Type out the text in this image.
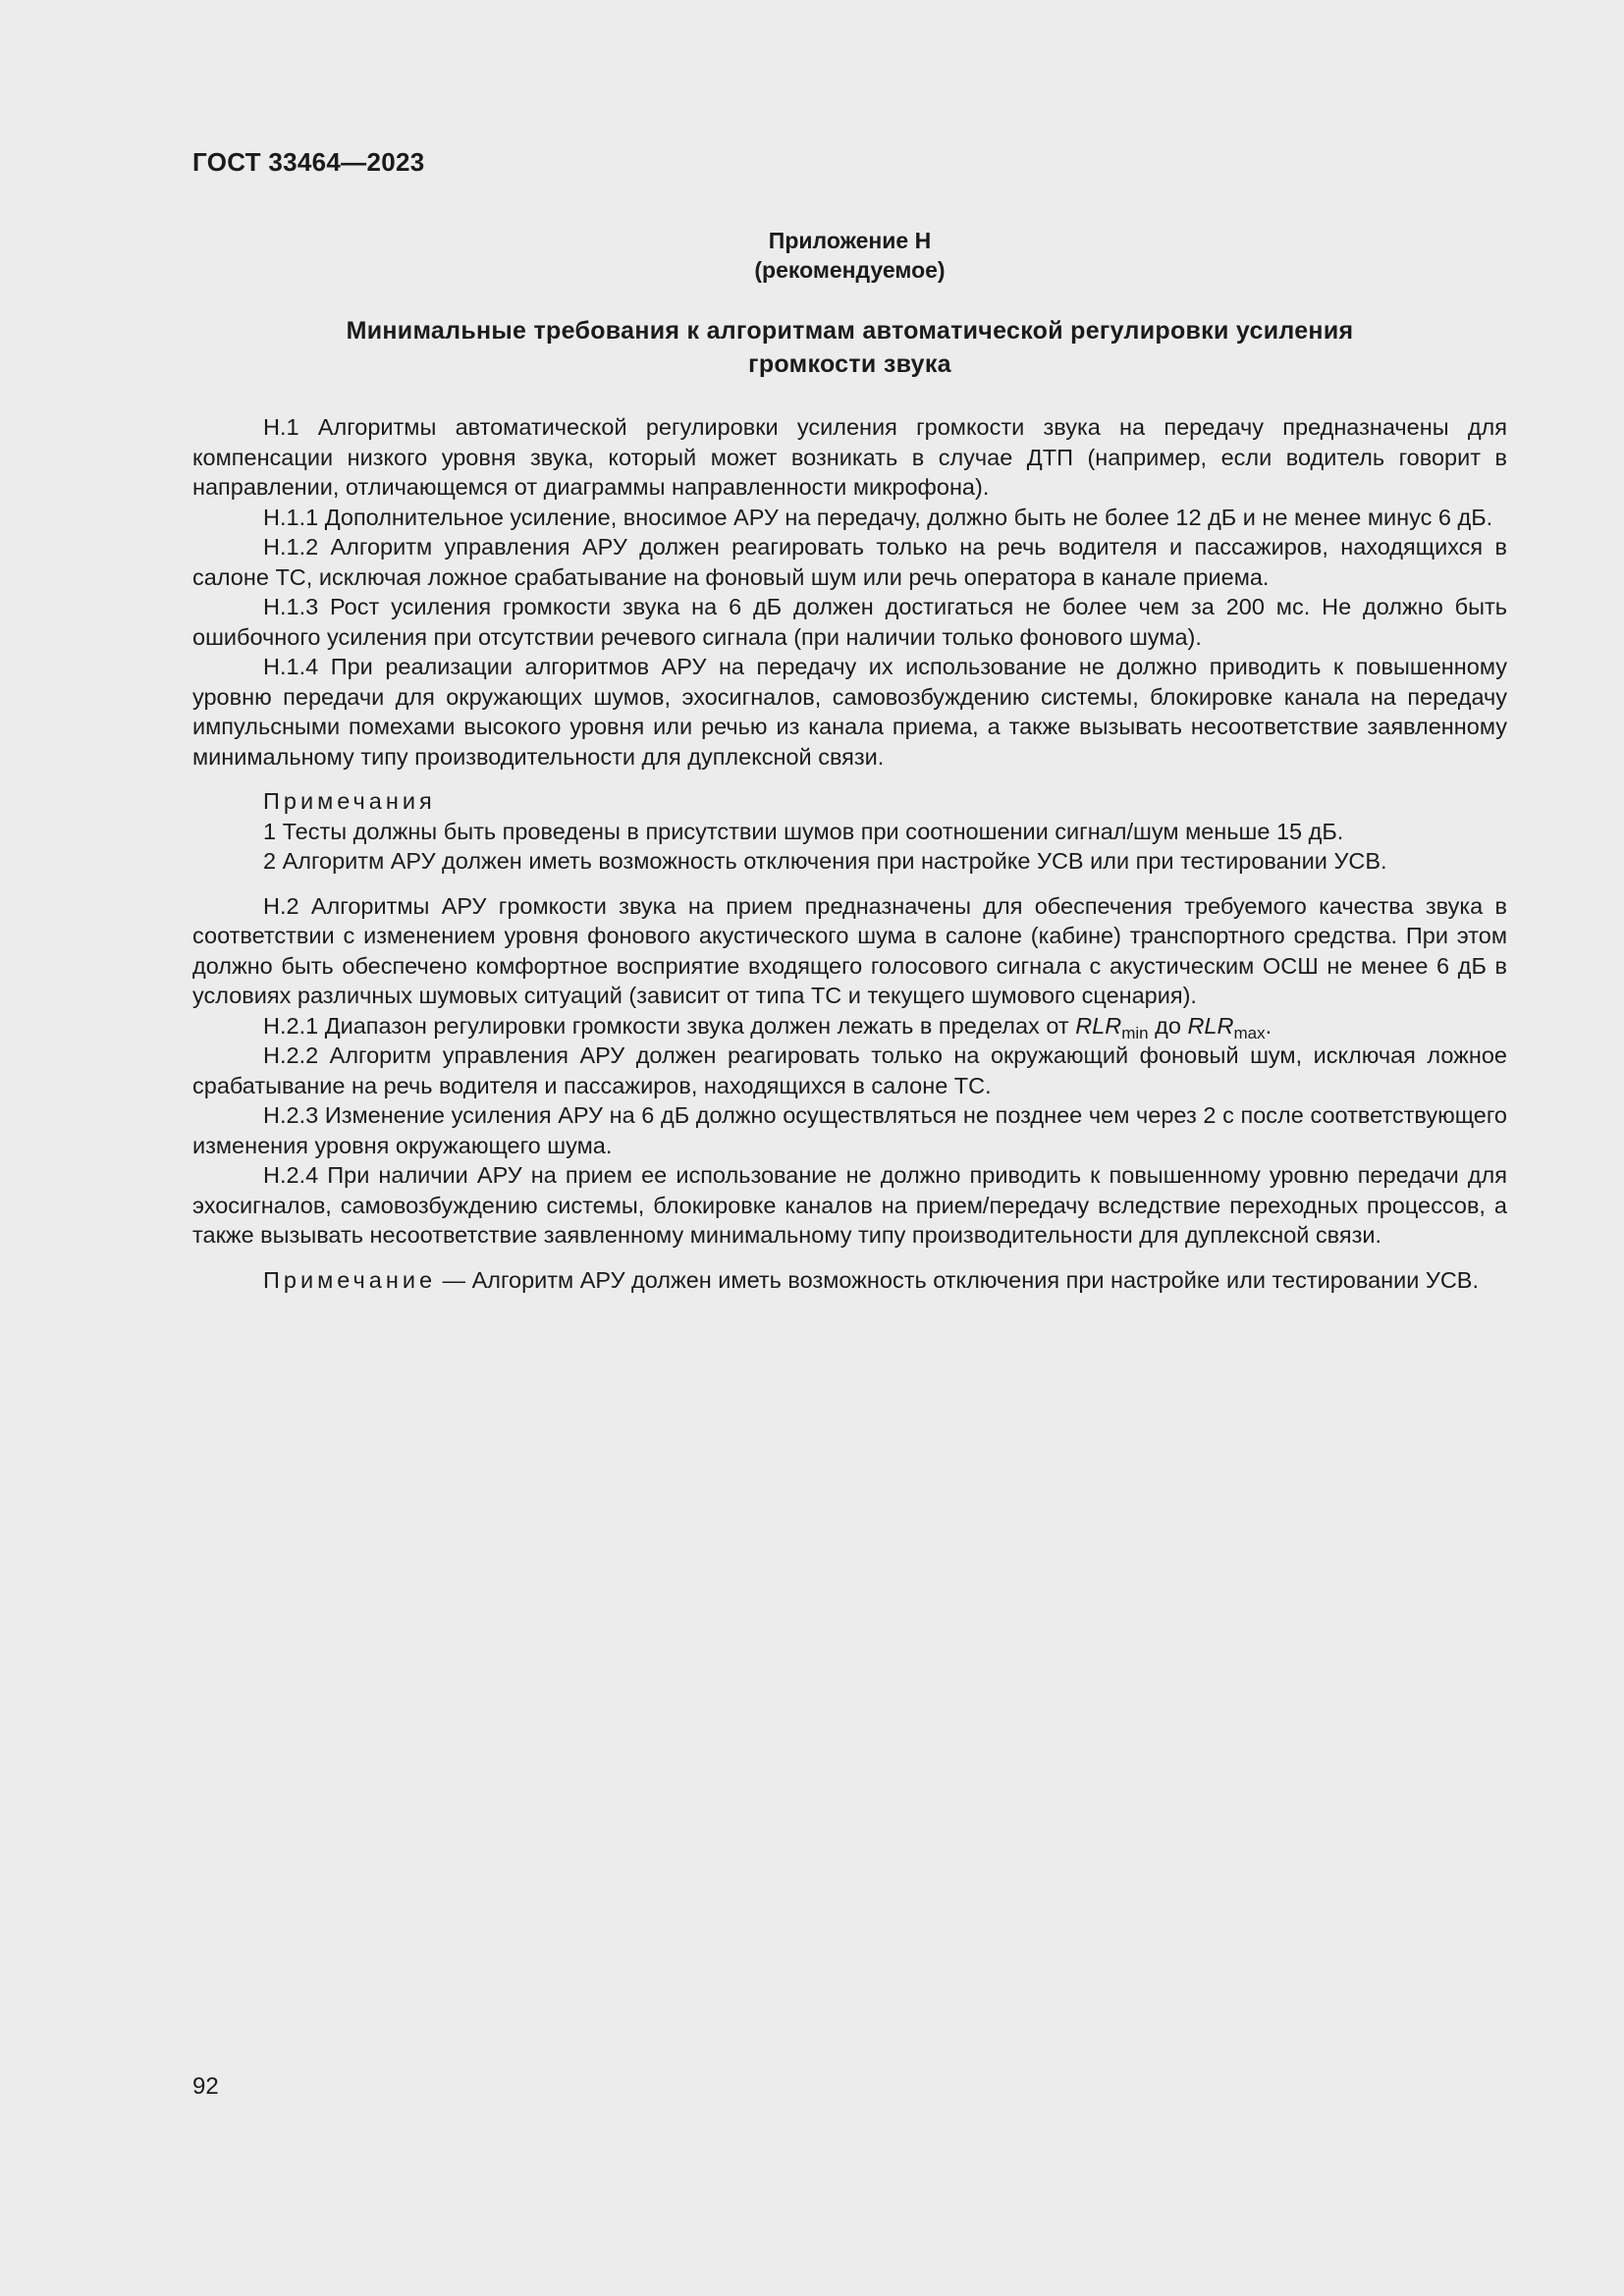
ГОСТ 33464—2023
Приложение Н
(рекомендуемое)
Минимальные требования к алгоритмам автоматической регулировки усиления
громкости звука

Н.1 Алгоритмы автоматической регулировки усиления громкости звука на передачу предназначены для компенсации низкого уровня звука, который может возникать в случае ДТП (например, если водитель говорит в направлении, отличающемся от диаграммы направленности микрофона).

Н.1.1 Дополнительное усиление, вносимое АРУ на передачу, должно быть не более 12 дБ и не менее минус 6 дБ.

Н.1.2 Алгоритм управления АРУ должен реагировать только на речь водителя и пассажиров, находящихся в салоне ТС, исключая ложное срабатывание на фоновый шум или речь оператора в канале приема.

Н.1.3 Рост усиления громкости звука на 6 дБ должен достигаться не более чем за 200 мс. Не должно быть ошибочного усиления при отсутствии речевого сигнала (при наличии только фонового шума).

Н.1.4 При реализации алгоритмов АРУ на передачу их использование не должно приводить к повышенному уровню передачи для окружающих шумов, эхосигналов, самовозбуждению системы, блокировке канала на передачу импульсными помехами высокого уровня или речью из канала приема, а также вызывать несоответствие заявленному минимальному типу производительности для дуплексной связи.

Примечания

1 Тесты должны быть проведены в присутствии шумов при соотношении сигнал/шум меньше 15 дБ.

2 Алгоритм АРУ должен иметь возможность отключения при настройке УСВ или при тестировании УСВ.

Н.2 Алгоритмы АРУ громкости звука на прием предназначены для обеспечения требуемого качества звука в соответствии с изменением уровня фонового акустического шума в салоне (кабине) транспортного средства. При этом должно быть обеспечено комфортное восприятие входящего голосового сигнала с акустическим ОСШ не менее 6 дБ в условиях различных шумовых ситуаций (зависит от типа ТС и текущего шумового сценария).

Н.2.1 Диапазон регулировки громкости звука должен лежать в пределах от $RLR_{min}$ до $RLR_{max}$.

Н.2.2 Алгоритм управления АРУ должен реагировать только на окружающий фоновый шум, исключая ложное срабатывание на речь водителя и пассажиров, находящихся в салоне ТС.

Н.2.3 Изменение усиления АРУ на 6 дБ должно осуществляться не позднее чем через 2 с после соответствующего изменения уровня окружающего шума.

Н.2.4 При наличии АРУ на прием ее использование не должно приводить к повышенному уровню передачи для эхосигналов, самовозбуждению системы, блокировке каналов на прием/передачу вследствие переходных процессов, а также вызывать несоответствие заявленному минимальному типу производительности для дуплексной связи.

Примечание — Алгоритм АРУ должен иметь возможность отключения при настройке или тестировании УСВ.

92
